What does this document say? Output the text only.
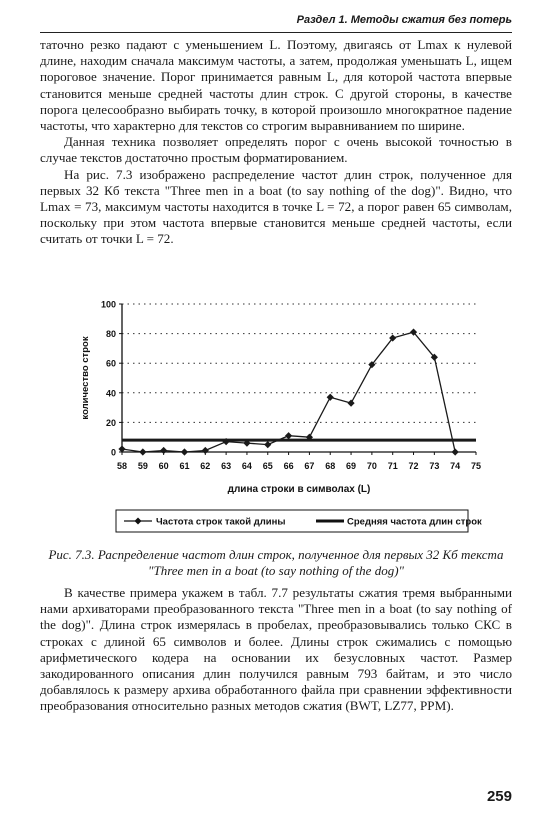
Раздел 1. Методы сжатия без потерь

татoчно резко падают с уменьшением L. Поэтому, двигаясь от Lmax к нулевой длине, находим сначала максимум частоты, а затем, продолжая уменьшать L, ищем пороговое значение. Порог принимается равным L, для которой частота впервые становится меньше средней частоты длин строк. С другой стороны, в качестве порога целесообразно выбирать точку, в которой произошло многократное падение частоты, что характерно для текстов со строгим выравниванием по ширине.

Данная техника позволяет определять порог с очень высокой точностью в случае текстов достаточно простым форматированием.

На рис. 7.3 изображено распределение частот длин строк, полученное для первых 32 Кб текста "Three men in a boat (to say nothing of the dog)". Видно, что Lmax = 73, максимум частоты находится в точке L = 72, а порог равен 65 символам, поскольку при этом частота впервые становится меньше средней частоты, если считать от точки L = 72.

0
20
40
60
80
100
58 59 60 61 62 63 64 65 66 67 68 69 70 71 72 73 74 75
количество строк
длина строки в символах (L)
Частота строк такой длины	Средняя частота длин строк
Рис. 7.3. Распределение частот длин строк, полученное для первых 32 Кб текста "Three men in a boat (to say nothing of the dog)"

В качестве примера укажем в табл. 7.7 результаты сжатия тремя выбранными нами архиваторами преобразованного текста "Three men in a boat (to say nothing of the dog)". Длина строк измерялась в пробелах, преобразовывались только СКС в строках с длиной 65 символов и более. Длины строк сжимались с помощью арифметического кодера на основании их безусловных частот. Размер закодированного описания длин получился равным 793 байтам, и это число добавлялось к размеру архива обработанного файла при сравнении эффективности преобразования относительно разных методов сжатия (BWT, LZ77, PPM).

259
